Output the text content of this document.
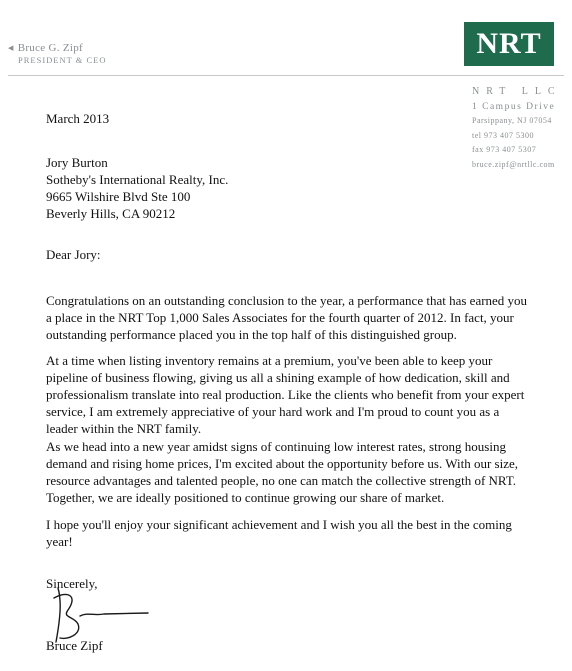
◀ Bruce G. Zipf
PRESIDENT & CEO	NRT
NRT LLC
1 Campus Drive
Parsippany, NJ 07054
tel 973 407 5300
fax 973 407 5307
bruce.zipf@nrtllc.com
March 2013
Jory Burton
Sotheby's International Realty, Inc.
9665 Wilshire Blvd Ste 100
Beverly Hills, CA 90212
Dear Jory:
Congratulations on an outstanding conclusion to the year, a performance that has earned you a place in the NRT Top 1,000 Sales Associates for the fourth quarter of 2012. In fact, your outstanding performance placed you in the top half of this distinguished group.
At a time when listing inventory remains at a premium, you've been able to keep your pipeline of business flowing, giving us all a shining example of how dedication, skill and professionalism translate into real production. Like the clients who benefit from your expert service, I am extremely appreciative of your hard work and I'm proud to count you as a leader within the NRT family.
As we head into a new year amidst signs of continuing low interest rates, strong housing demand and rising home prices, I'm excited about the opportunity before us. With our size, resource advantages and talented people, no one can match the collective strength of NRT. Together, we are ideally positioned to continue growing our share of market.
I hope you'll enjoy your significant achievement and I wish you all the best in the coming year!
Sincerely,
Bruce Zipf
